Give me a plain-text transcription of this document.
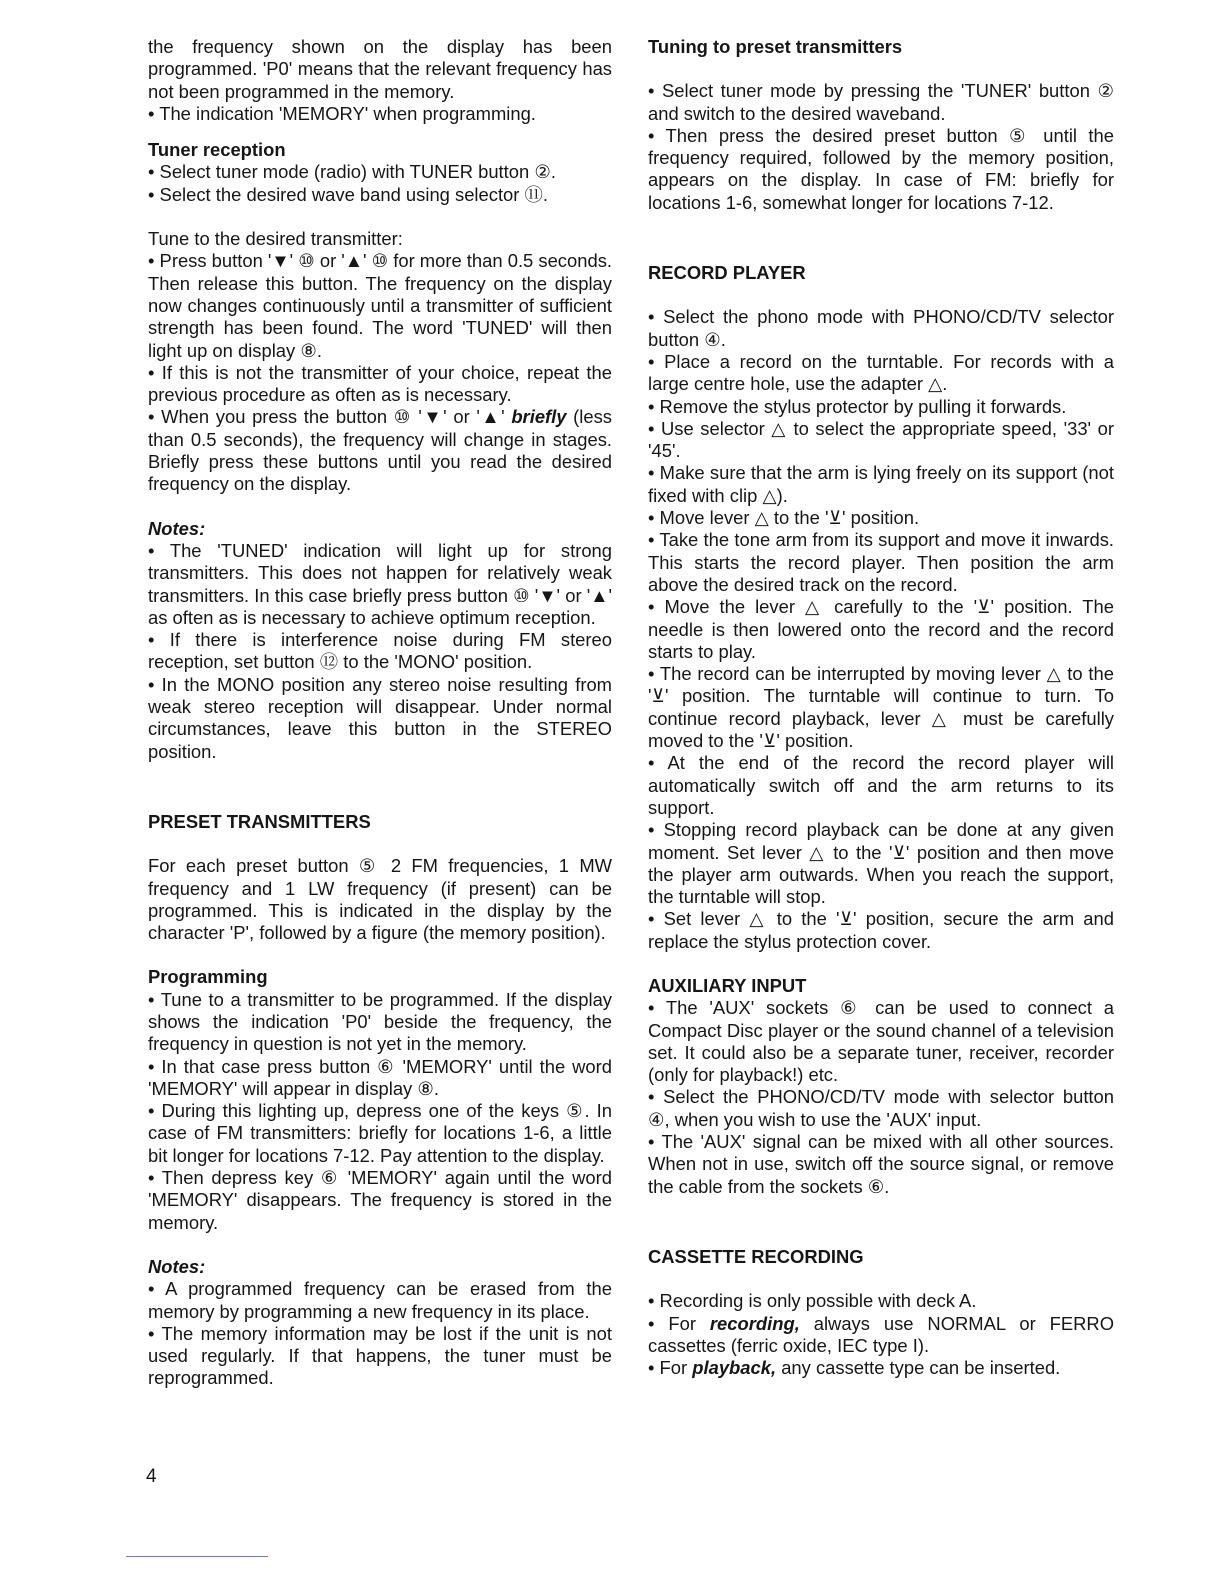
the frequency shown on the display has been programmed. 'P0' means that the relevant frequency has not been programmed in the memory.

• The indication 'MEMORY' when programming.

Tuner reception

• Select tuner mode (radio) with TUNER button ②.

• Select the desired wave band using selector ⑪.

Tune to the desired transmitter:

• Press button '▼' ⑩ or '▲' ⑩ for more than 0.5 seconds. Then release this button. The frequency on the display now changes continuously until a transmitter of sufficient strength has been found. The word 'TUNED' will then light up on display ⑧.

• If this is not the transmitter of your choice, repeat the previous procedure as often as is necessary.

• When you press the button ⑩ '▼' or '▲' briefly (less than 0.5 seconds), the frequency will change in stages. Briefly press these buttons until you read the desired frequency on the display.

Notes:

• The 'TUNED' indication will light up for strong transmitters. This does not happen for relatively weak transmitters. In this case briefly press button ⑩ '▼' or '▲' as often as is necessary to achieve optimum reception.

• If there is interference noise during FM stereo reception, set button ⑫ to the 'MONO' position.

• In the MONO position any stereo noise resulting from weak stereo reception will disappear. Under normal circumstances, leave this button in the STEREO position.

PRESET TRANSMITTERS

For each preset button ⑤ 2 FM frequencies, 1 MW frequency and 1 LW frequency (if present) can be programmed. This is indicated in the display by the character 'P', followed by a figure (the memory position).

Programming

• Tune to a transmitter to be programmed. If the display shows the indication 'P0' beside the frequency, the frequency in question is not yet in the memory.

• In that case press button ⑥ 'MEMORY' until the word 'MEMORY' will appear in display ⑧.

• During this lighting up, depress one of the keys ⑤. In case of FM transmitters: briefly for locations 1-6, a little bit longer for locations 7-12. Pay attention to the display.

• Then depress key ⑥ 'MEMORY' again until the word 'MEMORY' disappears. The frequency is stored in the memory.

Notes:

• A programmed frequency can be erased from the memory by programming a new frequency in its place.

• The memory information may be lost if the unit is not used regularly. If that happens, the tuner must be reprogrammed.

Tuning to preset transmitters

• Select tuner mode by pressing the 'TUNER' button ② and switch to the desired waveband.

• Then press the desired preset button ⑤ until the frequency required, followed by the memory position, appears on the display. In case of FM: briefly for locations 1-6, somewhat longer for locations 7-12.

RECORD PLAYER

• Select the phono mode with PHONO/CD/TV selector button ④.

• Place a record on the turntable. For records with a large centre hole, use the adapter △.

• Remove the stylus protector by pulling it forwards.

• Use selector △ to select the appropriate speed, '33' or '45'.

• Make sure that the arm is lying freely on its support (not fixed with clip △).

• Move lever △ to the '⊻' position.

• Take the tone arm from its support and move it inwards. This starts the record player. Then position the arm above the desired track on the record.

• Move the lever △ carefully to the '⊻' position. The needle is then lowered onto the record and the record starts to play.

• The record can be interrupted by moving lever △ to the '⊻' position. The turntable will continue to turn. To continue record playback, lever △ must be carefully moved to the '⊻' position.

• At the end of the record the record player will automatically switch off and the arm returns to its support.

• Stopping record playback can be done at any given moment. Set lever △ to the '⊻' position and then move the player arm outwards. When you reach the support, the turntable will stop.

• Set lever △ to the '⊻' position, secure the arm and replace the stylus protection cover.

AUXILIARY INPUT

• The 'AUX' sockets ⑥ can be used to connect a Compact Disc player or the sound channel of a television set. It could also be a separate tuner, receiver, recorder (only for playback!) etc.

• Select the PHONO/CD/TV mode with selector button ④, when you wish to use the 'AUX' input.

• The 'AUX' signal can be mixed with all other sources. When not in use, switch off the source signal, or remove the cable from the sockets ⑥.

CASSETTE RECORDING

• Recording is only possible with deck A.

• For recording, always use NORMAL or FERRO cassettes (ferric oxide, IEC type I).

• For playback, any cassette type can be inserted.

4
